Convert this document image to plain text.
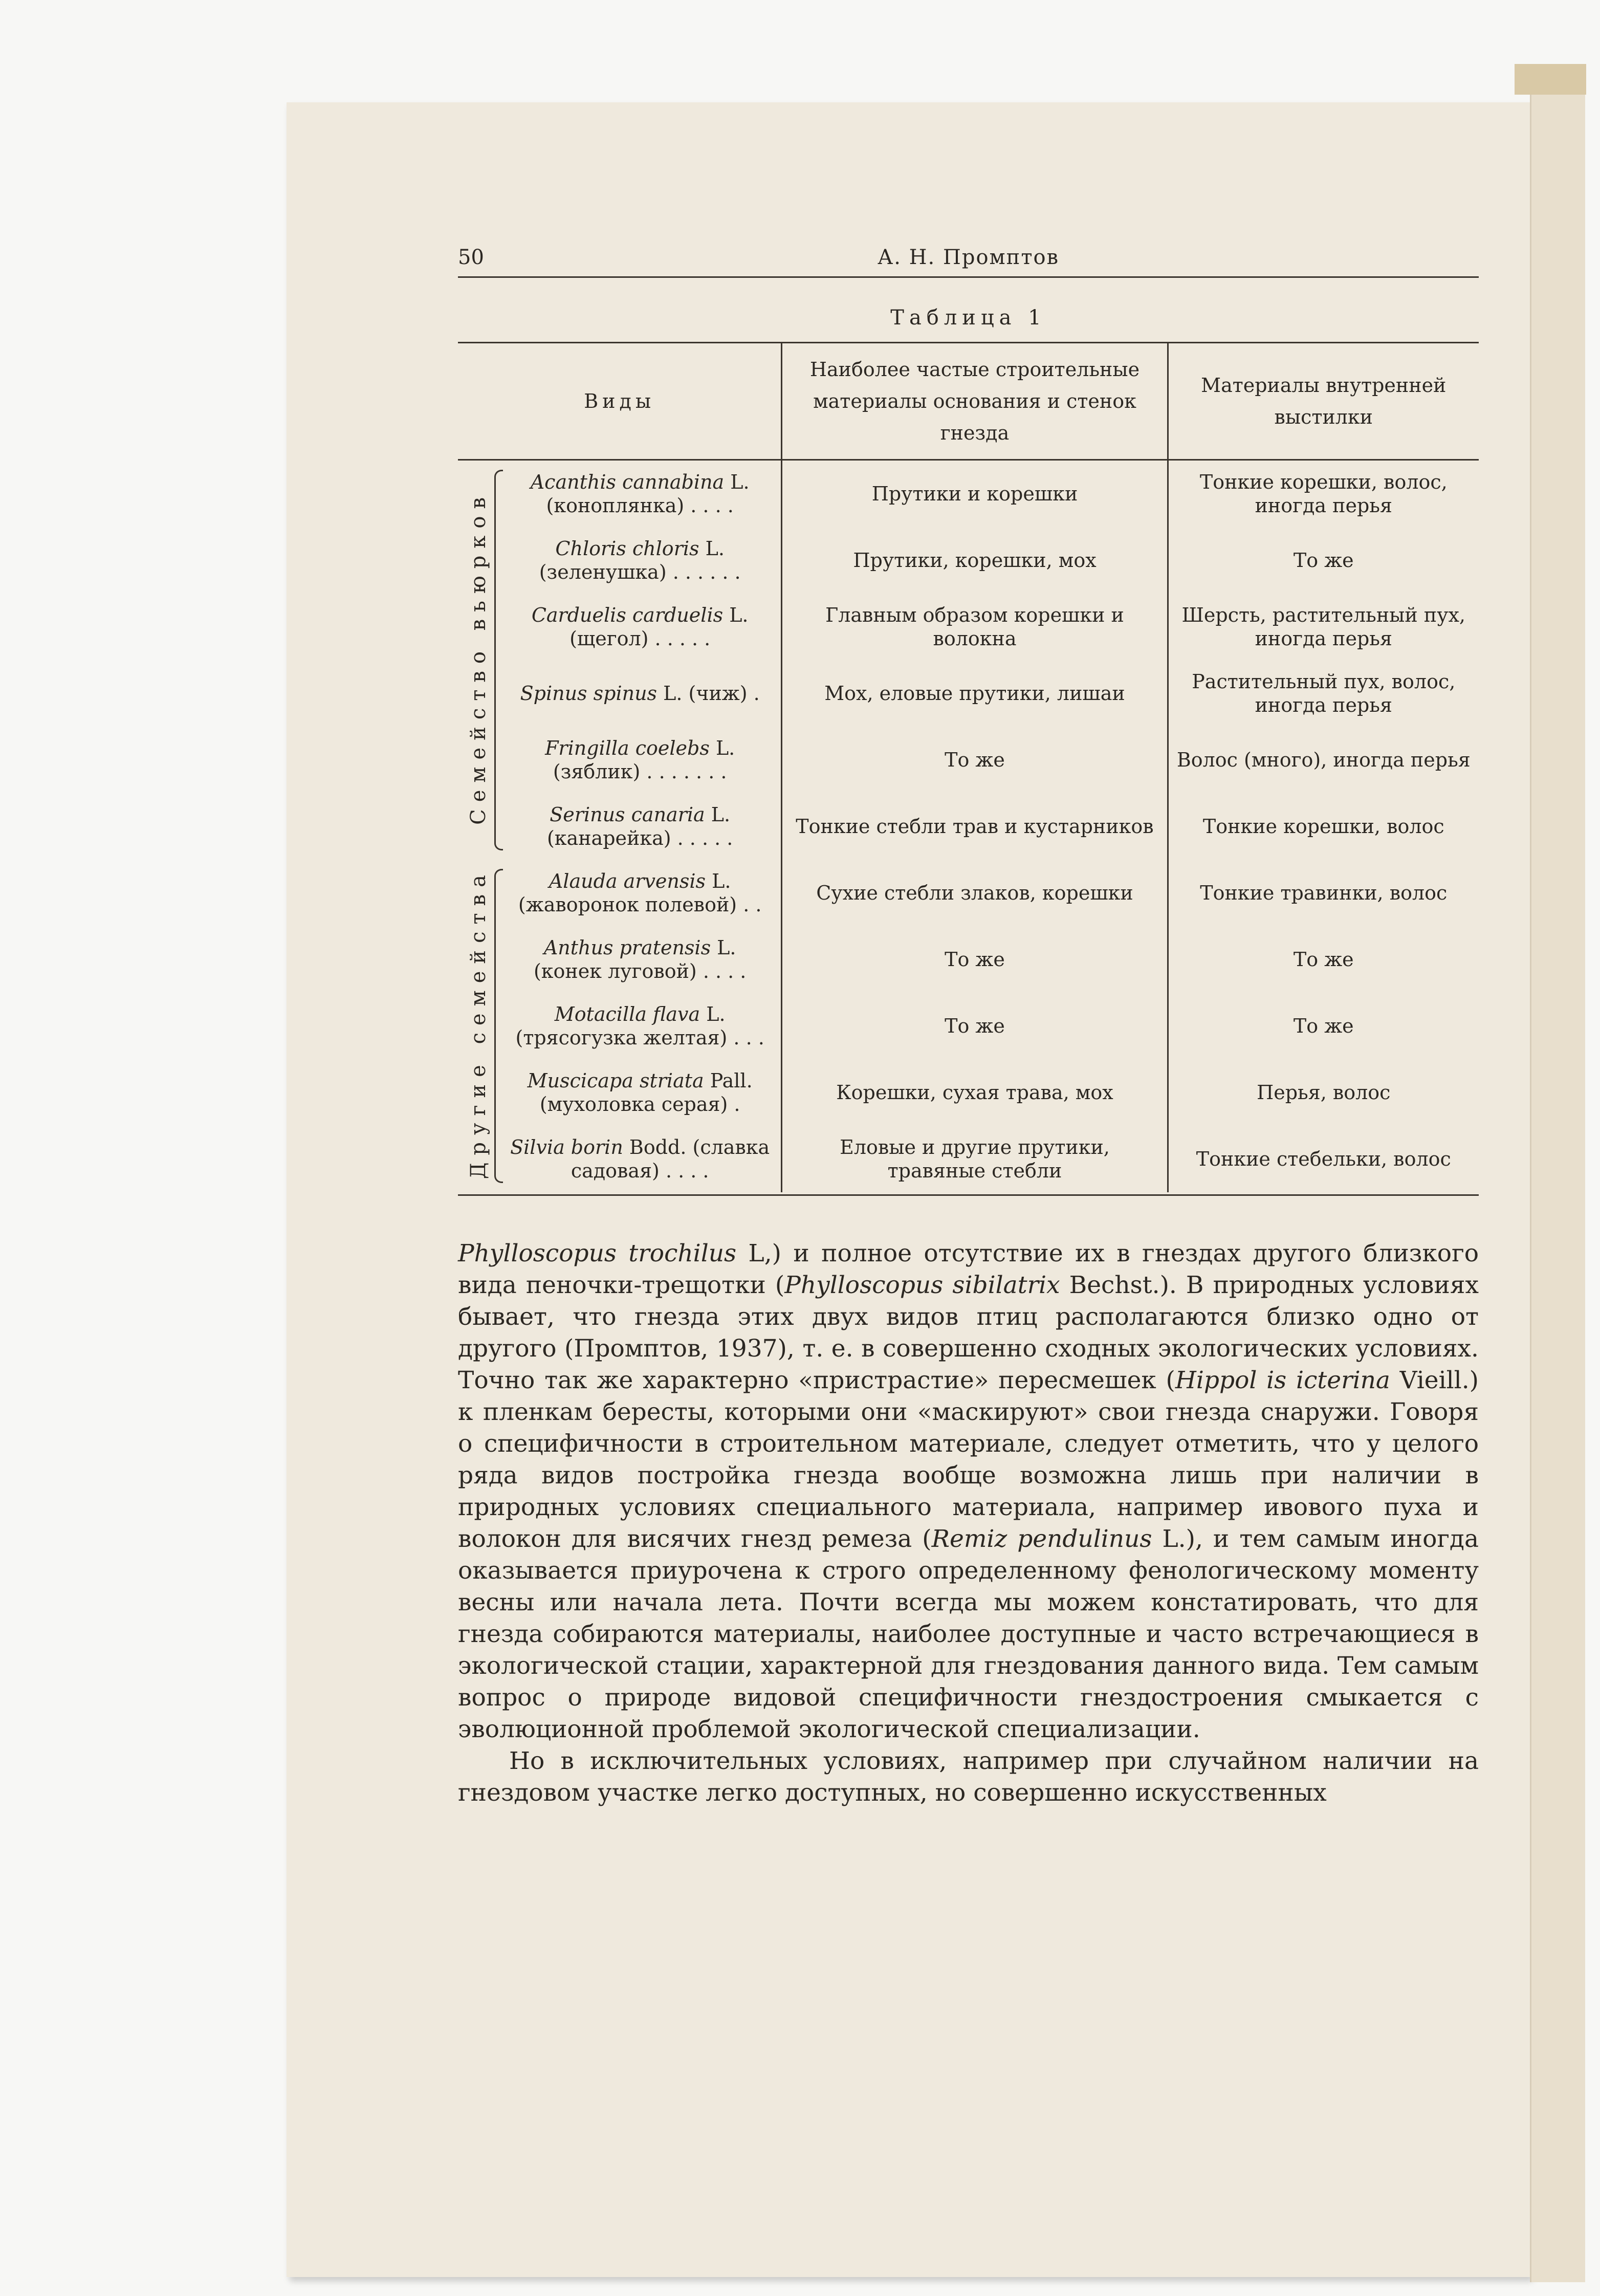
50	А. Н. Промптов
Таблица 1
Виды		Наиболее частые строительные материалы основания и стенок гнезда	Материалы внутренней выстилки
Семейство вьюрков	Acanthis cannabina L. (коноплянка) . . . .	Прутики и корешки	Тонкие корешки, волос, иногда перья
	Chloris chloris L. (зеленушка) . . . . . .	Прутики, корешки, мох	То же
	Carduelis carduelis L. (щегол) . . . . .	Главным образом корешки и волокна	Шерсть, растительный пух, иногда перья
	Spinus spinus L. (чиж) .	Мох, еловые прутики, лишаи	Растительный пух, волос, иногда перья
	Fringilla coelebs L. (зяблик) . . . . . . .	То же	Волос (много), иногда перья
	Serinus canaria L. (канарейка) . . . . .	Тонкие стебли трав и кустарников	Тонкие корешки, волос
Другие семейства	Alauda arvensis L. (жаворонок полевой) . .	Сухие стебли злаков, корешки	Тонкие травинки, волос
	Anthus pratensis L. (конек луговой) . . . .	То же	То же
	Motacilla flava L. (трясогузка желтая) . . .	То же	То же
	Muscicapa striata Pall. (мухоловка серая) .	Корешки, сухая трава, мох	Перья, волос
	Silvia borin Bodd. (славка садовая) . . . .	Еловые и другие прутики, травяные стебли	Тонкие стебельки, волос

Phylloscopus trochilus L,) и полное отсутствие их в гнездах другого близкого вида пеночки-трещотки (Phylloscopus sibilatrix Bechst.). В природных условиях бывает, что гнезда этих двух видов птиц располагаются близко одно от другого (Промптов, 1937), т. е. в совершенно сходных экологических условиях. Точно так же характерно «пристрастие» пересмешек (Hippol is icterina Vieill.) к пленкам бересты, которыми они «маскируют» свои гнезда снаружи. Говоря о специфичности в строительном материале, следует отметить, что у целого ряда видов постройка гнезда вообще возможна лишь при наличии в природных условиях специального материала, например ивового пуха и волокон для висячих гнезд ремеза (Remiz pendulinus L.), и тем самым иногда оказывается приурочена к строго определенному фенологическому моменту весны или начала лета. Почти всегда мы можем констатировать, что для гнезда собираются материалы, наиболее доступные и часто встречающиеся в экологической стации, характерной для гнездования данного вида. Тем самым вопрос о природе видовой специфичности гнездостроения смыкается с эволюционной проблемой экологической специализации.

Но в исключительных условиях, например при случайном наличии на гнездовом участке легко доступных, но совершенно искусственных
